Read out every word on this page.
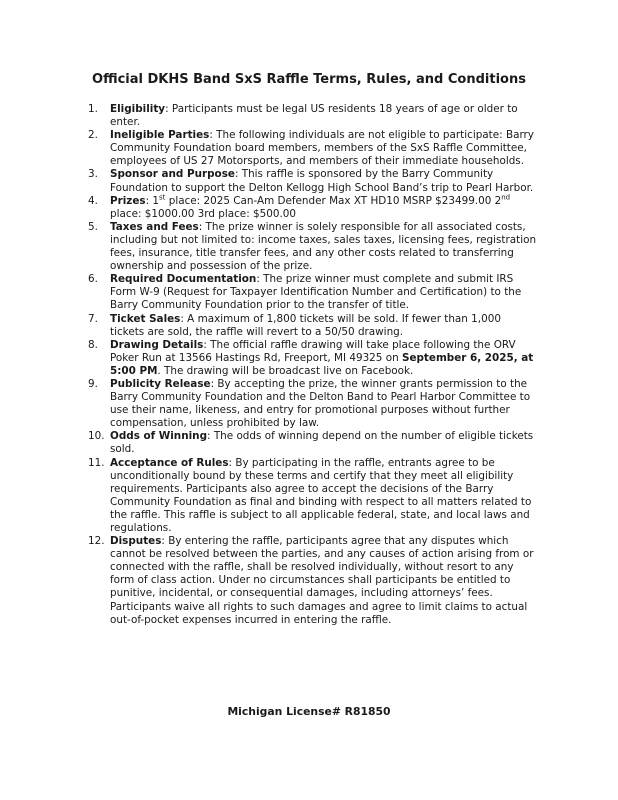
Official DKHS Band SxS Raffle Terms, Rules, and Conditions
1.	Eligibility: Participants must be legal US residents 18 years of age or older to enter.
2.	Ineligible Parties: The following individuals are not eligible to participate: Barry Community Foundation board members, members of the SxS Raffle Committee, employees of US 27 Motorsports, and members of their immediate households.
3.	Sponsor and Purpose: This raffle is sponsored by the Barry Community Foundation to support the Delton Kellogg High School Band’s trip to Pearl Harbor.
4.	Prizes: 1st place: 2025 Can-Am Defender Max XT HD10 MSRP $23499.00 2nd place: $1000.00 3rd place: $500.00
5.	Taxes and Fees: The prize winner is solely responsible for all associated costs, including but not limited to: income taxes, sales taxes, licensing fees, registration fees, insurance, title transfer fees, and any other costs related to transferring ownership and possession of the prize.
6.	Required Documentation: The prize winner must complete and submit IRS Form W-9 (Request for Taxpayer Identification Number and Certification) to the Barry Community Foundation prior to the transfer of title.
7.	Ticket Sales: A maximum of 1,800 tickets will be sold. If fewer than 1,000 tickets are sold, the raffle will revert to a 50/50 drawing.
8.	Drawing Details: The official raffle drawing will take place following the ORV Poker Run at 13566 Hastings Rd, Freeport, MI 49325 on September 6, 2025, at 5:00 PM. The drawing will be broadcast live on Facebook.
9.	Publicity Release: By accepting the prize, the winner grants permission to the Barry Community Foundation and the Delton Band to Pearl Harbor Committee to use their name, likeness, and entry for promotional purposes without further compensation, unless prohibited by law.
10. Odds of Winning: The odds of winning depend on the number of eligible tickets sold.
11. Acceptance of Rules: By participating in the raffle, entrants agree to be unconditionally bound by these terms and certify that they meet all eligibility requirements. Participants also agree to accept the decisions of the Barry Community Foundation as final and binding with respect to all matters related to the raffle. This raffle is subject to all applicable federal, state, and local laws and regulations.
12. Disputes: By entering the raffle, participants agree that any disputes which cannot be resolved between the parties, and any causes of action arising from or connected with the raffle, shall be resolved individually, without resort to any form of class action. Under no circumstances shall participants be entitled to punitive, incidental, or consequential damages, including attorneys’ fees. Participants waive all rights to such damages and agree to limit claims to actual out-of-pocket expenses incurred in entering the raffle.
Michigan License# R81850
